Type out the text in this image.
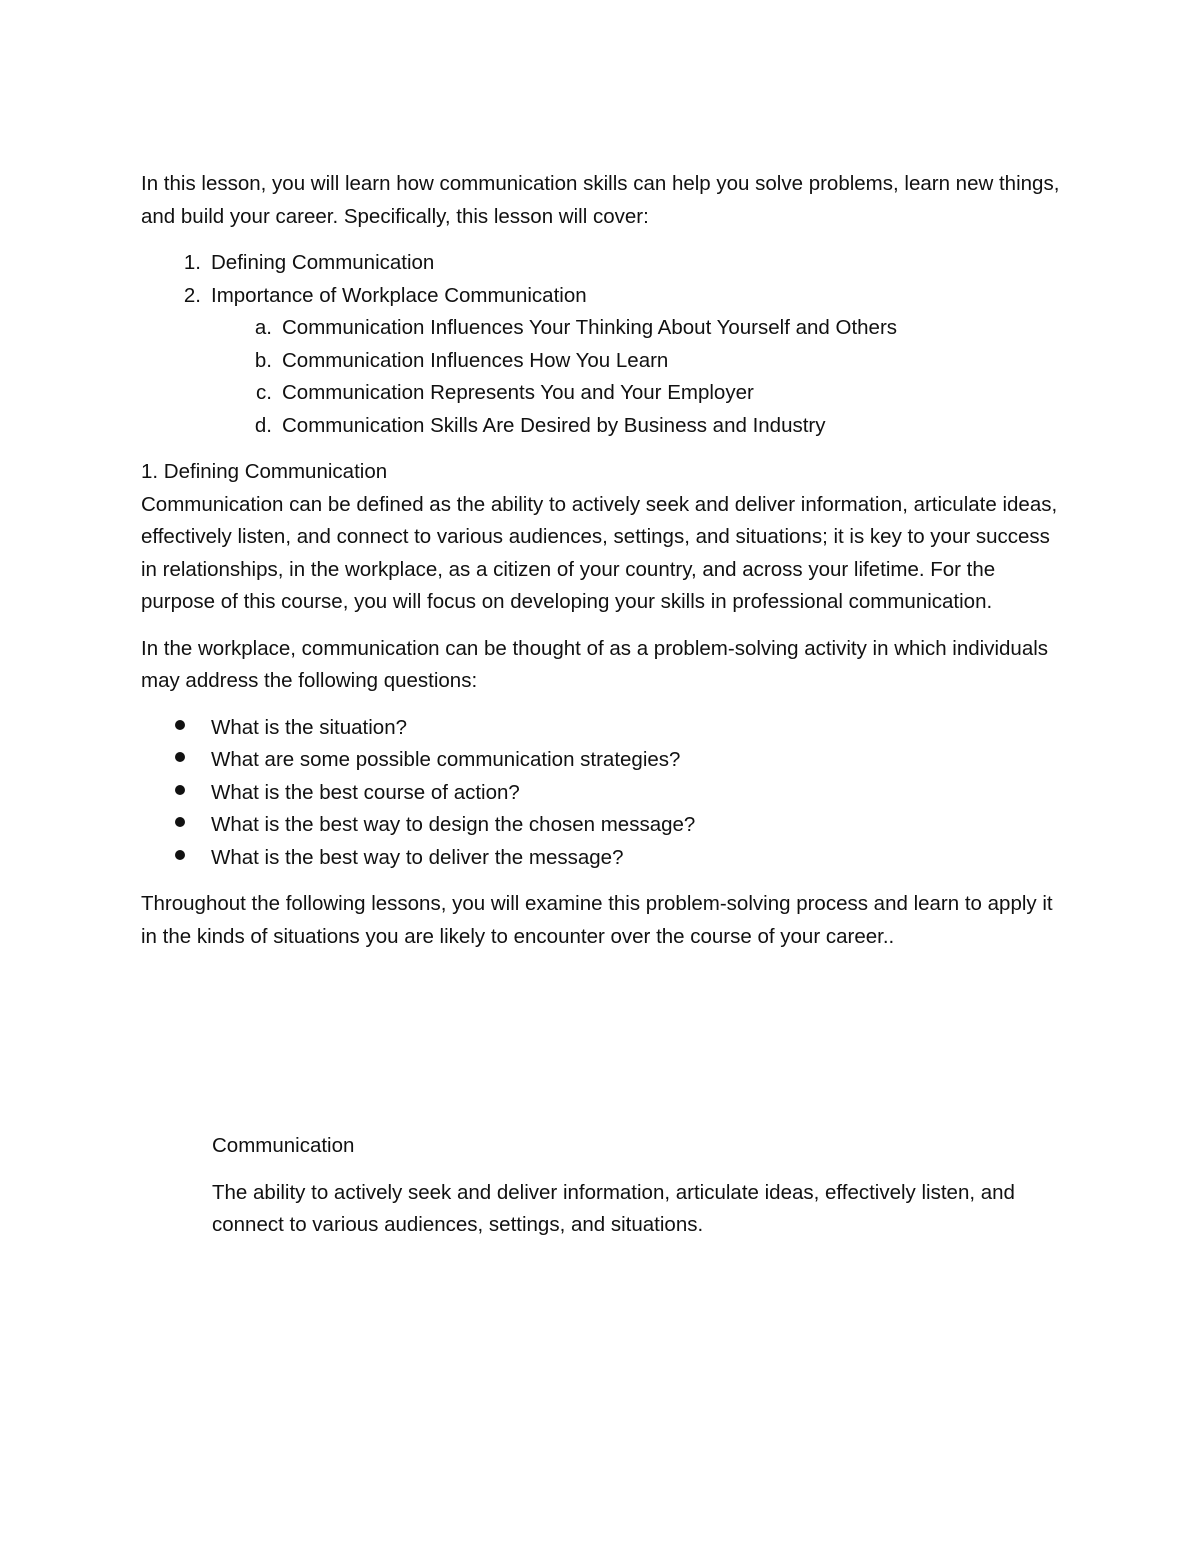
In this lesson, you will learn how communication skills can help you solve problems, learn new things, and build your career. Specifically, this lesson will cover:

1. Defining Communication
2. Importance of Workplace Communication
a. Communication Influences Your Thinking About Yourself and Others
b. Communication Influences How You Learn
c. Communication Represents You and Your Employer
d. Communication Skills Are Desired by Business and Industry

1. Defining Communication

Communication can be defined as the ability to actively seek and deliver information, articulate ideas, effectively listen, and connect to various audiences, settings, and situations; it is key to your success in relationships, in the workplace, as a citizen of your country, and across your lifetime. For the purpose of this course, you will focus on developing your skills in professional communication.

In the workplace, communication can be thought of as a problem-solving activity in which individuals may address the following questions:

What is the situation?
What are some possible communication strategies?
What is the best course of action?
What is the best way to design the chosen message?
What is the best way to deliver the message?

Throughout the following lessons, you will examine this problem-solving process and learn to apply it in the kinds of situations you are likely to encounter over the course of your career..

Communication

The ability to actively seek and deliver information, articulate ideas, effectively listen, and connect to various audiences, settings, and situations.
